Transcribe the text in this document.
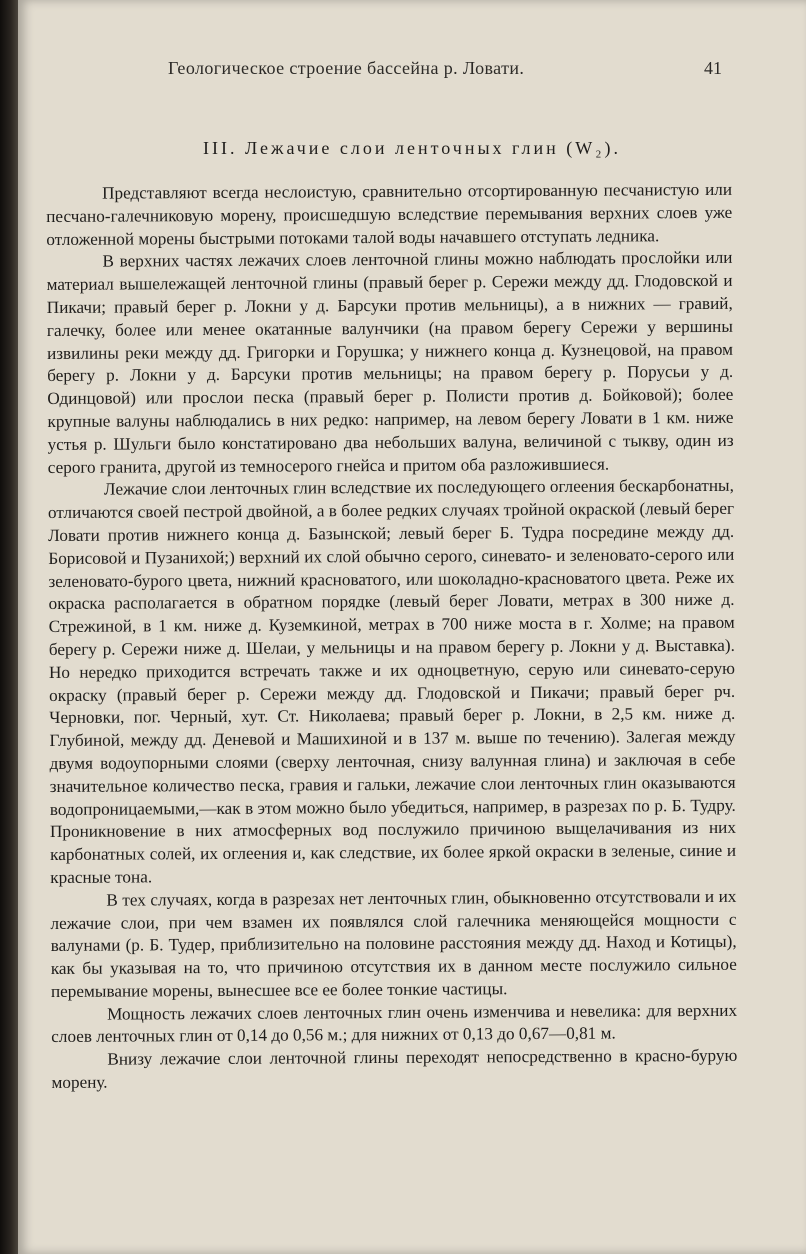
Геологическое строение бассейна р. Ловати.	41
III. Лежачие слои ленточных глин (W₂).

Представляют всегда неслоистую, сравнительно отсортированную песчанистую или песчано-галечниковую морену, происшедшую вследствие перемывания верхних слоев уже отложенной морены быстрыми потоками талой воды начавшего отступать ледника.

В верхних частях лежачих слоев ленточной глины можно наблюдать прослойки или материал вышележащей ленточной глины (правый берег р. Сережи между дд. Глодовской и Пикачи; правый берег р. Локни у д. Барсуки против мельницы), а в нижних — гравий, галечку, более или менее окатанные валунчики (на правом берегу Сережи у вершины извилины реки между дд. Григорки и Горушка; у нижнего конца д. Кузнецовой, на правом берегу р. Локни у д. Барсуки против мельницы; на правом берегу р. Порусьи у д. Одинцовой) или прослои песка (правый берег р. Полисти против д. Бойковой); более крупные валуны наблюдались в них редко: например, на левом берегу Ловати в 1 км. ниже устья р. Шульги было констатировано два небольших валуна, величиной с тыкву, один из серого гранита, другой из темносерого гнейса и притом оба разложившиеся.

Лежачие слои ленточных глин вследствие их последующего оглеения бескарбонатны, отличаются своей пестрой двойной, а в более редких случаях тройной окраской (левый берег Ловати против нижнего конца д. Базынской; левый берег Б. Тудра посредине между дд. Борисовой и Пузанихой;) верхний их слой обычно серого, синевато- и зеленовато-серого или зеленовато-бурого цвета, нижний красноватого, или шоколадно-красноватого цвета. Реже их окраска располагается в обратном порядке (левый берег Ловати, метрах в 300 ниже д. Стрежиной, в 1 км. ниже д. Куземкиной, метрах в 700 ниже моста в г. Холме; на правом берегу р. Сережи ниже д. Шелаи, у мельницы и на правом берегу р. Локни у д. Выставка). Но нередко приходится встречать также и их одноцветную, серую или синевато-серую окраску (правый берег р. Сережи между дд. Глодовской и Пикачи; правый берег рч. Черновки, пог. Черный, хут. Ст. Николаева; правый берег р. Локни, в 2,5 км. ниже д. Глубиной, между дд. Деневой и Машихиной и в 137 м. выше по течению). Залегая между двумя водоупорными слоями (сверху ленточная, снизу валунная глина) и заключая в себе значительное количество песка, гравия и гальки, лежачие слои ленточных глин оказываются водопроницаемыми,—как в этом можно было убедиться, например, в разрезах по р. Б. Тудру. Проникновение в них атмосферных вод послужило причиною выщелачивания из них карбонатных солей, их оглеения и, как следствие, их более яркой окраски в зеленые, синие и красные тона.

В тех случаях, когда в разрезах нет ленточных глин, обыкновенно отсутствовали и их лежачие слои, при чем взамен их появлялся слой галечника меняющейся мощности с валунами (р. Б. Тудер, приблизительно на половине расстояния между дд. Наход и Котицы), как бы указывая на то, что причиною отсутствия их в данном месте послужило сильное перемывание морены, вынесшее все ее более тонкие частицы.

Мощность лежачих слоев ленточных глин очень изменчива и невелика: для верхних слоев ленточных глин от 0,14 до 0,56 м.; для нижних от 0,13 до 0,67—0,81 м.

Внизу лежачие слои ленточной глины переходят непосредственно в красно-бурую морену.
